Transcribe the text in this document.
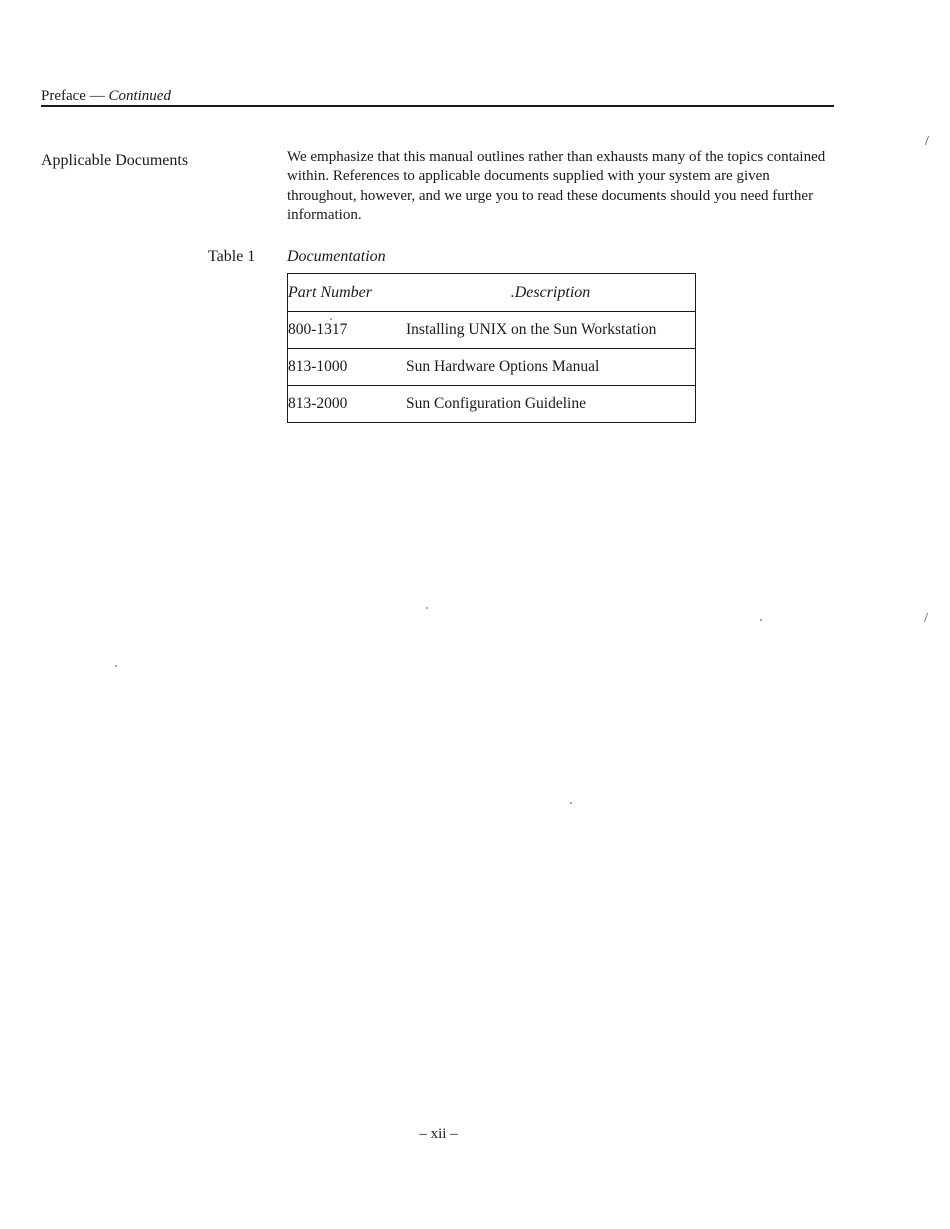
Preface — Continued
Applicable Documents	We emphasize that this manual outlines rather than exhausts many of the topics contained within. References to applicable documents supplied with your system are given throughout, however, and we urge you to read these documents should you need further information.
Table 1 Documentation
Part Number	.Description
800-1317	Installing UNIX on the Sun Workstation
813-1000	Sun Hardware Options Manual
813-2000	Sun Configuration Guideline
– xii –
/
/
